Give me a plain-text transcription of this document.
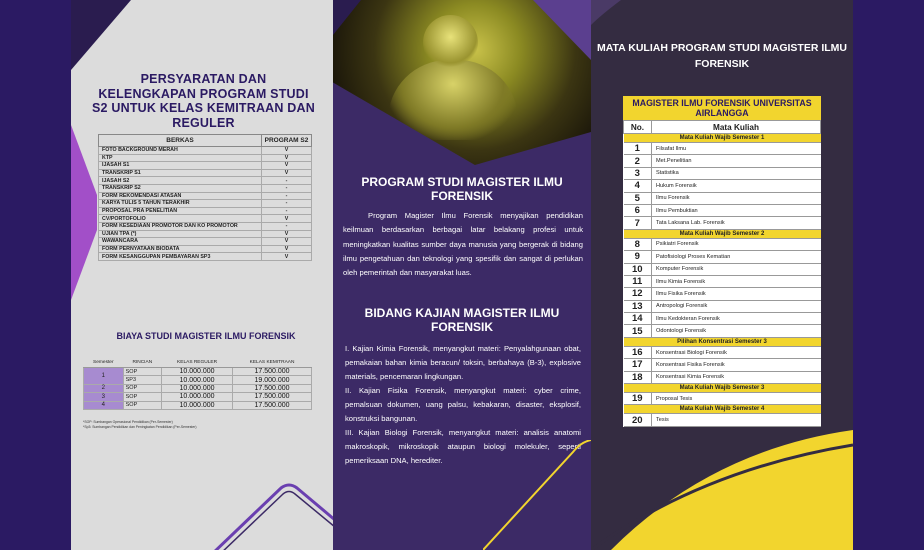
PERSYARATAN DAN KELENGKAPAN PROGRAM STUDI S2 UNTUK KELAS KEMITRAAN DAN REGULER
BERKAS	PROGRAM S2
FOTO BACKGROUND MERAH	V
KTP	V
IJASAH S1	V
TRANSKRIP S1	V
IJASAH S2	-
TRANSKRIP S2	-
FORM REKOMENDASI ATASAN	-
KARYA TULIS 5 TAHUN TERAKHIR	-
PROPOSAL PRA PENELITIAN	-
CV/PORTOFOLIO	V
FORM KESEDIAAN PROMOTOR DAN KO PROMOTOR	-
UJIAN TPA (*)	V
WAWANCARA	V
FORM PERNYATAAN BIODATA	V
FORM KESANGGUPAN PEMBAYARAN SP3	V
BIAYA STUDI MAGISTER ILMU FORENSIK
Semester	RINCIAN	KELAS REGULER	KELAS KEMITRAAN
1	SOP	10.000.000	17.500.000
	SP3	10.000.000	19.000.000
2	SOP	10.000.000	17.500.000
3	SOP	10.000.000	17.500.000
4	SOP	10.000.000	17.500.000
*SOP: Sumbangan Operasional Pendidikan (Per-Semester)
*Sp3: Sumbangan Pendidikan dan Peningkatan Pendidikan (Per-Semester)
PROGRAM STUDI MAGISTER ILMU FORENSIK

Program Magister Ilmu Forensik menyajikan pendidikan keilmuan berdasarkan berbagai latar belakang profesi untuk meningkatkan kualitas sumber daya manusia yang bergerak di bidang ilmu pengetahuan dan teknologi yang spesifik dan sangat di perlukan oleh pemerintah dan masyarakat luas.

BIDANG KAJIAN MAGISTER ILMU FORENSIK
I. Kajian Kimia Forensik, menyangkut materi: Penyalahgunaan obat, pemakaian bahan kimia beracun/ toksin, berbahaya (B-3), explosive materials, pencemaran lingkungan.
II. Kajian Fisika Forensik, menyangkut materi: cyber crime, pemalsuan dokumen, uang palsu, kebakaran, disaster, eksplosif, konstruksi bangunan.
III. Kajian Biologi Forensik, menyangkut materi: analisis anatomi makroskopik, mikroskopik ataupun biologi molekuler, seperti pemeriksaan DNA, herediter.
MATA KULIAH PROGRAM STUDI MAGISTER ILMU FORENSIK
MAGISTER ILMU FORENSIK UNIVERSITAS AIRLANGGA
No.	Mata Kuliah
Mata Kuliah Wajib Semester 1	
1	Filsafat Ilmu
2	Met.Penelitian
3	Statistika
4	Hukum Forensik
5	Ilmu Forensik
6	Ilmu Pembuktian
7	Tata Laksana Lab. Forensik
Mata Kuliah Wajib Semester 2	
8	Psikiatri Forensik
9	Patofisiologi Proses Kematian
10	Komputer Forensik
11	Ilmu Kimia Forensik
12	Ilmu Fisika Forensik
13	Antropologi Forensik
14	Ilmu Kedokteran Forensik
15	Odontologi Forensik
Pilihan Konsentrasi Semester 3	
16	Konsentrasi Biologi Forensik
17	Konsentrasi Fisika Forensik
18	Konsentrasi Kimia Forensik
Mata Kuliah Wajib Semester 3	
19	Proposal Tesis
Mata Kuliah Wajib Semester 4	
20	Tesis
